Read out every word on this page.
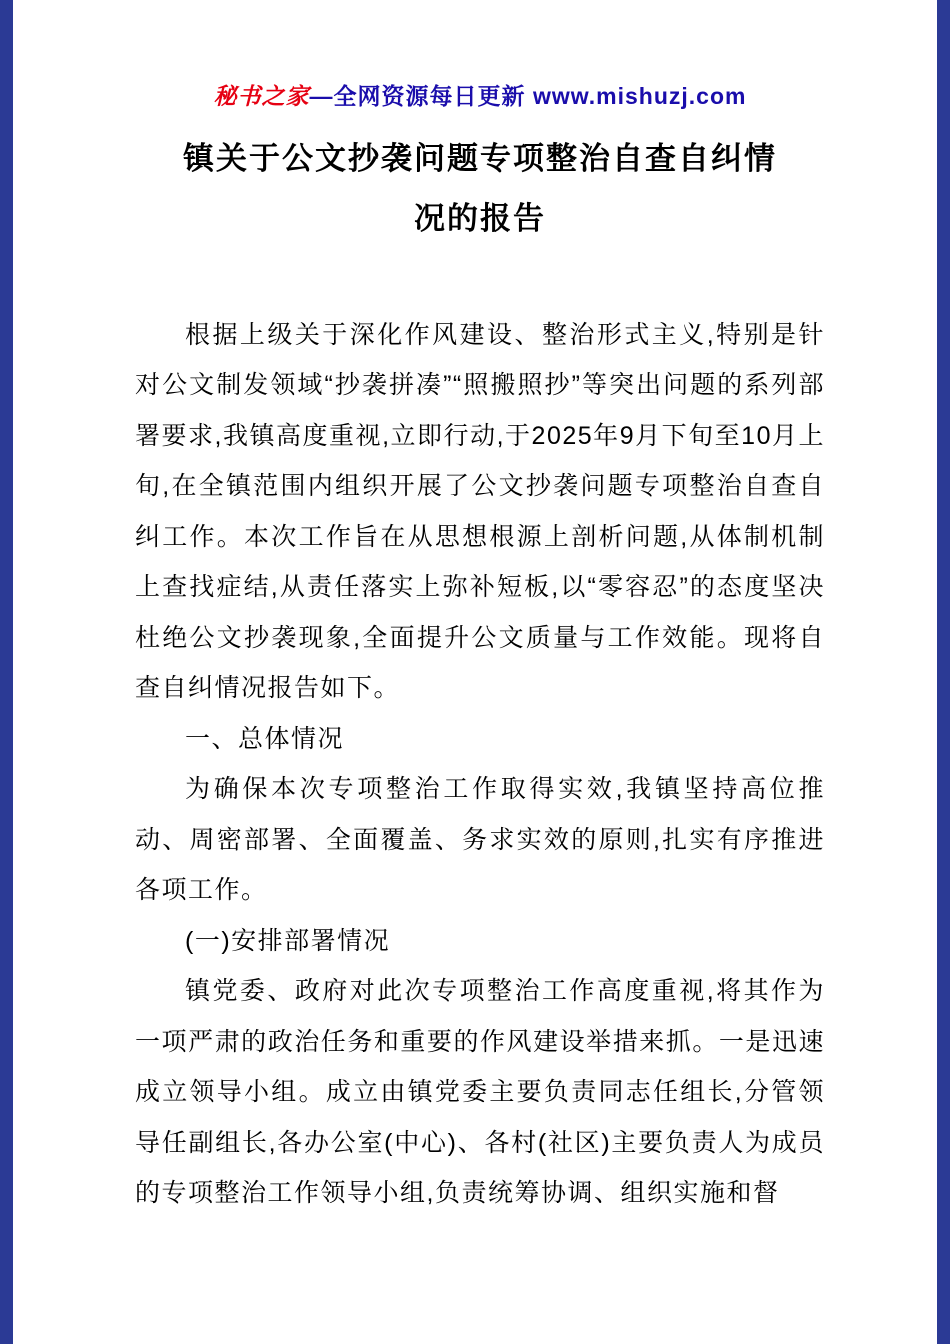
秘书之家—全网资源每日更新 www.mishuzj.com
镇关于公文抄袭问题专项整治自查自纠情况的报告

根据上级关于深化作风建设、整治形式主义,特别是针对公文制发领域“抄袭拼凑”“照搬照抄”等突出问题的系列部署要求,我镇高度重视,立即行动,于2025年9月下旬至10月上旬,在全镇范围内组织开展了公文抄袭问题专项整治自查自纠工作。本次工作旨在从思想根源上剖析问题,从体制机制上查找症结,从责任落实上弥补短板,以“零容忍”的态度坚决杜绝公文抄袭现象,全面提升公文质量与工作效能。现将自查自纠情况报告如下。

一、总体情况

为确保本次专项整治工作取得实效,我镇坚持高位推动、周密部署、全面覆盖、务求实效的原则,扎实有序推进各项工作。

(一)安排部署情况

镇党委、政府对此次专项整治工作高度重视,将其作为一项严肃的政治任务和重要的作风建设举措来抓。一是迅速成立领导小组。成立由镇党委主要负责同志任组长,分管领导任副组长,各办公室(中心)、各村(社区)主要负责人为成员的专项整治工作领导小组,负责统筹协调、组织实施和督
